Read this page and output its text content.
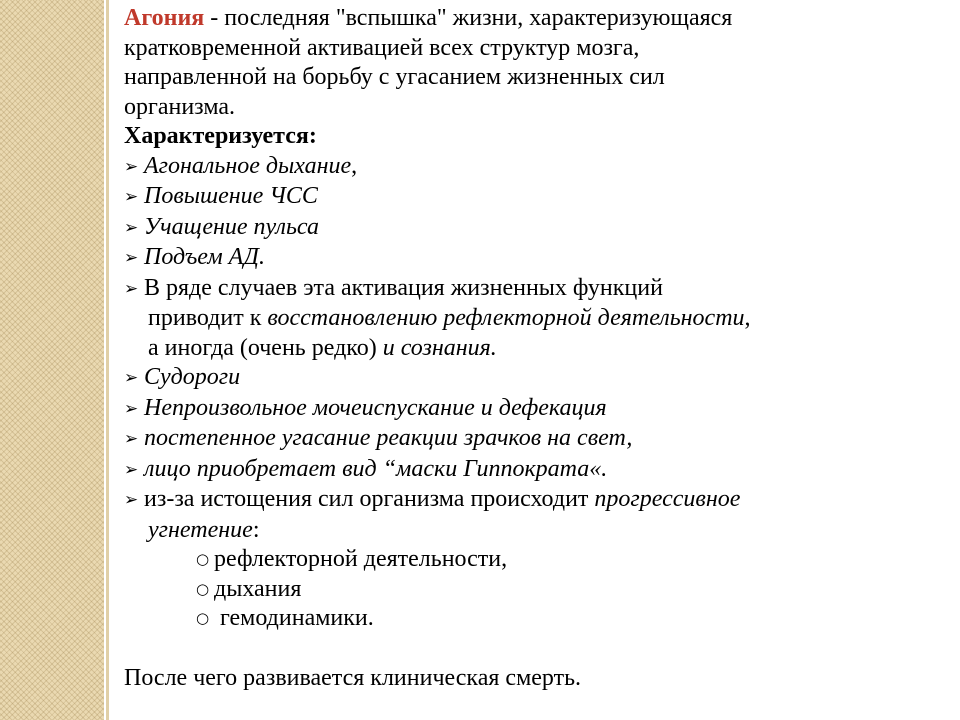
Агония - последняя "вспышка" жизни, характеризующаяся
кратковременной активацией всех структур мозга,
направленной на борьбу с угасанием жизненных сил
организма.
Характеризуется:
➢ Агональное дыхание,
➢ Повышение ЧСС
➢ Учащение пульса
➢ Подъем АД.
➢ В ряде случаев эта активация жизненных функций
приводит к восстановлению рефлекторной деятельности,
а иногда (очень редко) и сознания.
➢ Судороги
➢ Непроизвольное мочеиспускание и дефекация
➢ постепенное угасание реакции зрачков на свет,
➢ лицо приобретает вид “маски Гиппократа«.
➢ из-за истощения сил организма происходит прогрессивное
угнетение:
○ рефлекторной деятельности,
○ дыхания
○ гемодинамики.
После чего развивается клиническая смерть.
